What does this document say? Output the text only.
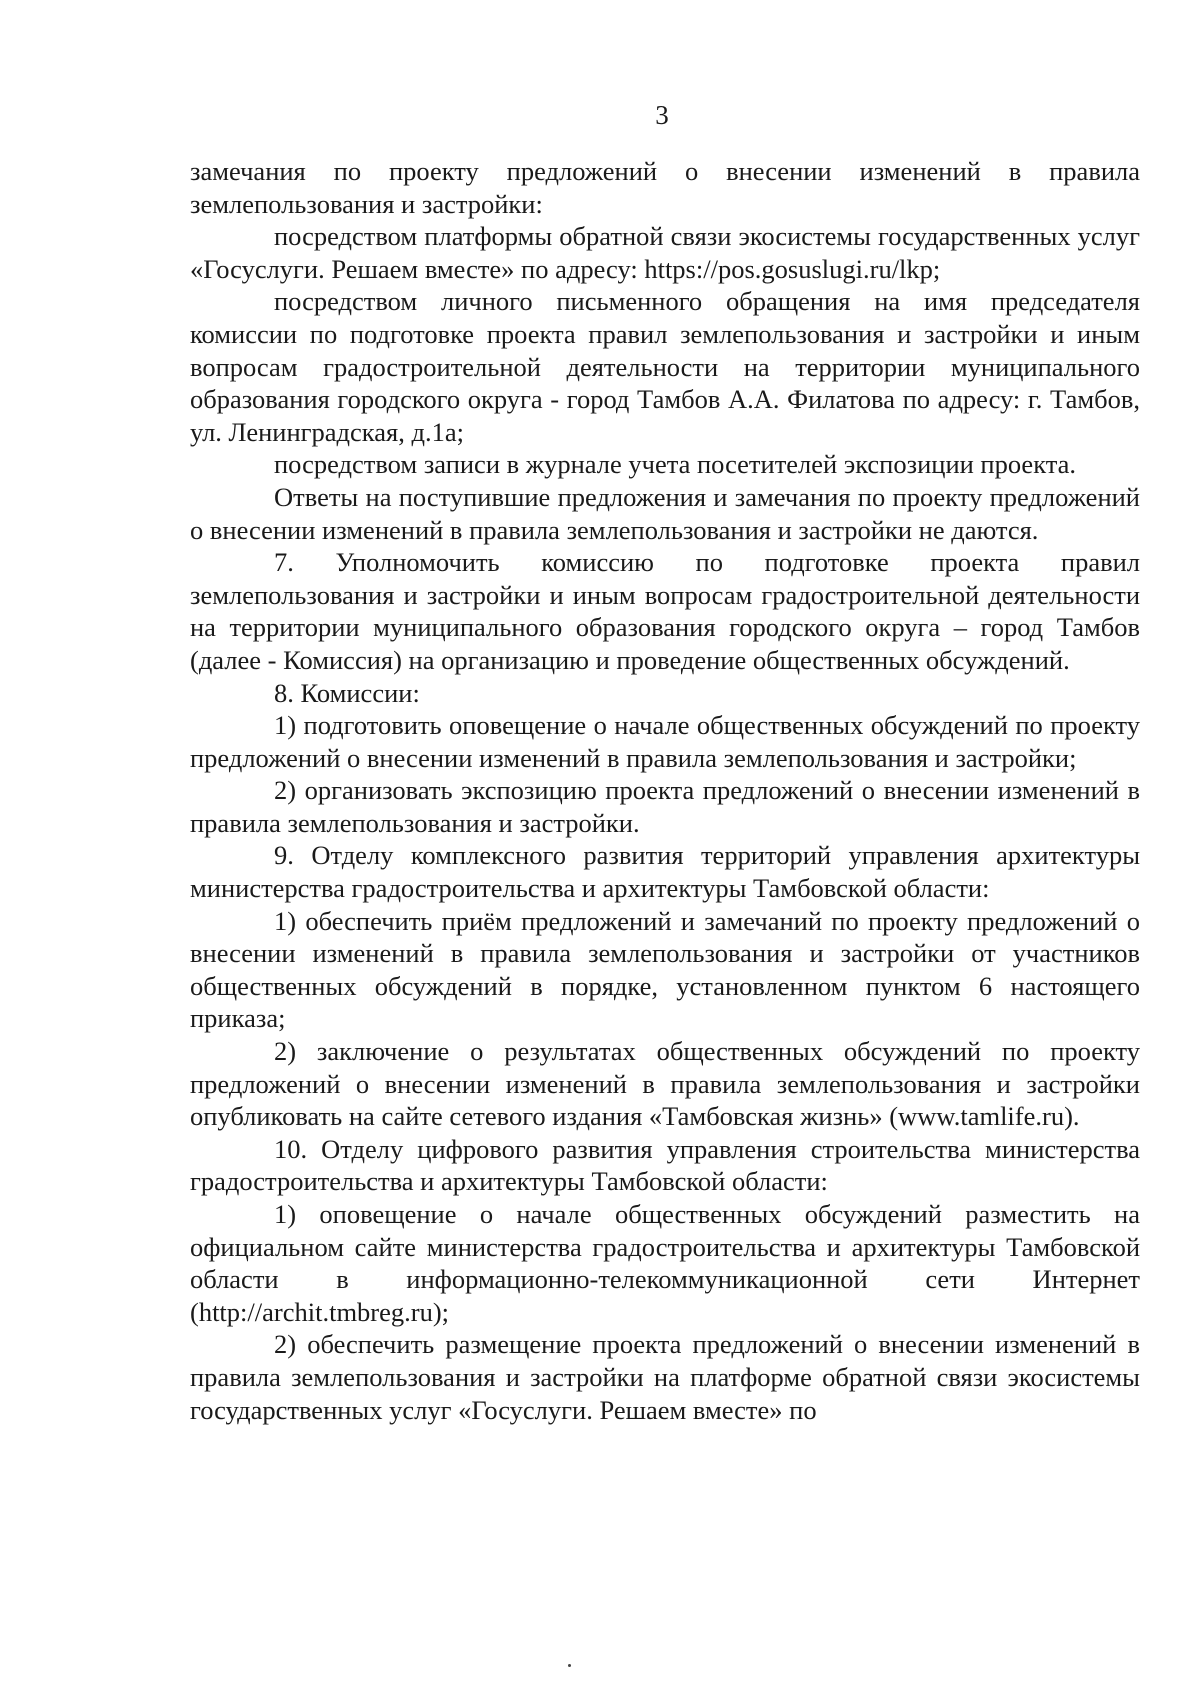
3

замечания по проекту предложений о внесении изменений в правила землепользования и застройки:

посредством платформы обратной связи экосистемы государственных услуг «Госуслуги. Решаем вместе» по адресу: https://pos.gosuslugi.ru/lkp;

посредством личного письменного обращения на имя председателя комиссии по подготовке проекта правил землепользования и застройки и иным вопросам градостроительной деятельности на территории муниципального образования городского округа - город Тамбов А.А. Филатова по адресу: г. Тамбов, ул. Ленинградская, д.1а;

посредством записи в журнале учета посетителей экспозиции проекта.

Ответы на поступившие предложения и замечания по проекту предложений о внесении изменений в правила землепользования и застройки не даются.

7. Уполномочить комиссию по подготовке проекта правил землепользования и застройки и иным вопросам градостроительной деятельности на территории муниципального образования городского округа – город Тамбов (далее - Комиссия) на организацию и проведение общественных обсуждений.

8. Комиссии:

1) подготовить оповещение о начале общественных обсуждений по проекту предложений о внесении изменений в правила землепользования и застройки;

2) организовать экспозицию проекта предложений о внесении изменений в правила землепользования и застройки.

9. Отделу комплексного развития территорий управления архитектуры министерства градостроительства и архитектуры Тамбовской области:

1) обеспечить приём предложений и замечаний по проекту предложений о внесении изменений в правила землепользования и застройки от участников общественных обсуждений в порядке, установленном пунктом 6 настоящего приказа;

2) заключение о результатах общественных обсуждений по проекту предложений о внесении изменений в правила землепользования и застройки опубликовать на сайте сетевого издания «Тамбовская жизнь» (www.tamlife.ru).

10. Отделу цифрового развития управления строительства министерства градостроительства и архитектуры Тамбовской области:

1) оповещение о начале общественных обсуждений разместить на официальном сайте министерства градостроительства и архитектуры Тамбовской области в информационно-телекоммуникационной сети Интернет (http://archit.tmbreg.ru);

2) обеспечить размещение проекта предложений о внесении изменений в правила землепользования и застройки на платформе обратной связи экосистемы государственных услуг «Госуслуги. Решаем вместе» по
